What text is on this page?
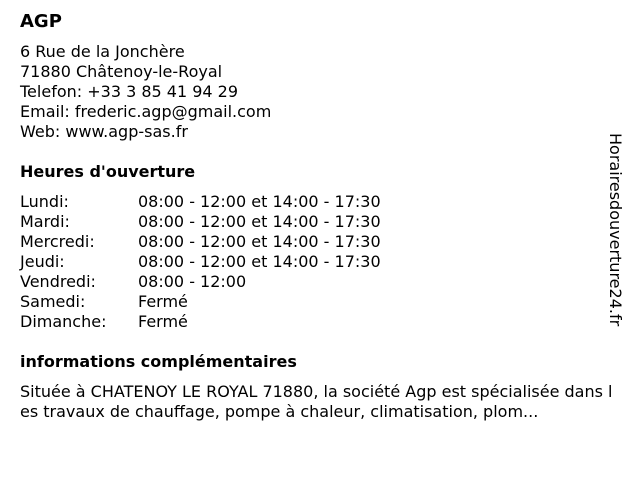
AGP
6 Rue de la Jonchère
71880 Châtenoy-le-Royal
Telefon: +33 3 85 41 94 29
Email: frederic.agp@gmail.com
Web: www.agp-sas.fr
Heures d'ouverture
Lundi:	08:00 - 12:00 et 14:00 - 17:30
Mardi:	08:00 - 12:00 et 14:00 - 17:30
Mercredi:	08:00 - 12:00 et 14:00 - 17:30
Jeudi:	08:00 - 12:00 et 14:00 - 17:30
Vendredi:	08:00 - 12:00
Samedi:	Fermé
Dimanche:	Fermé
informations complémentaires
Située à CHATENOY LE ROYAL 71880, la société Agp est spécialisée dans les travaux de chauffage, pompe à chaleur, climatisation, plom...
Horairesdouverture24.fr
